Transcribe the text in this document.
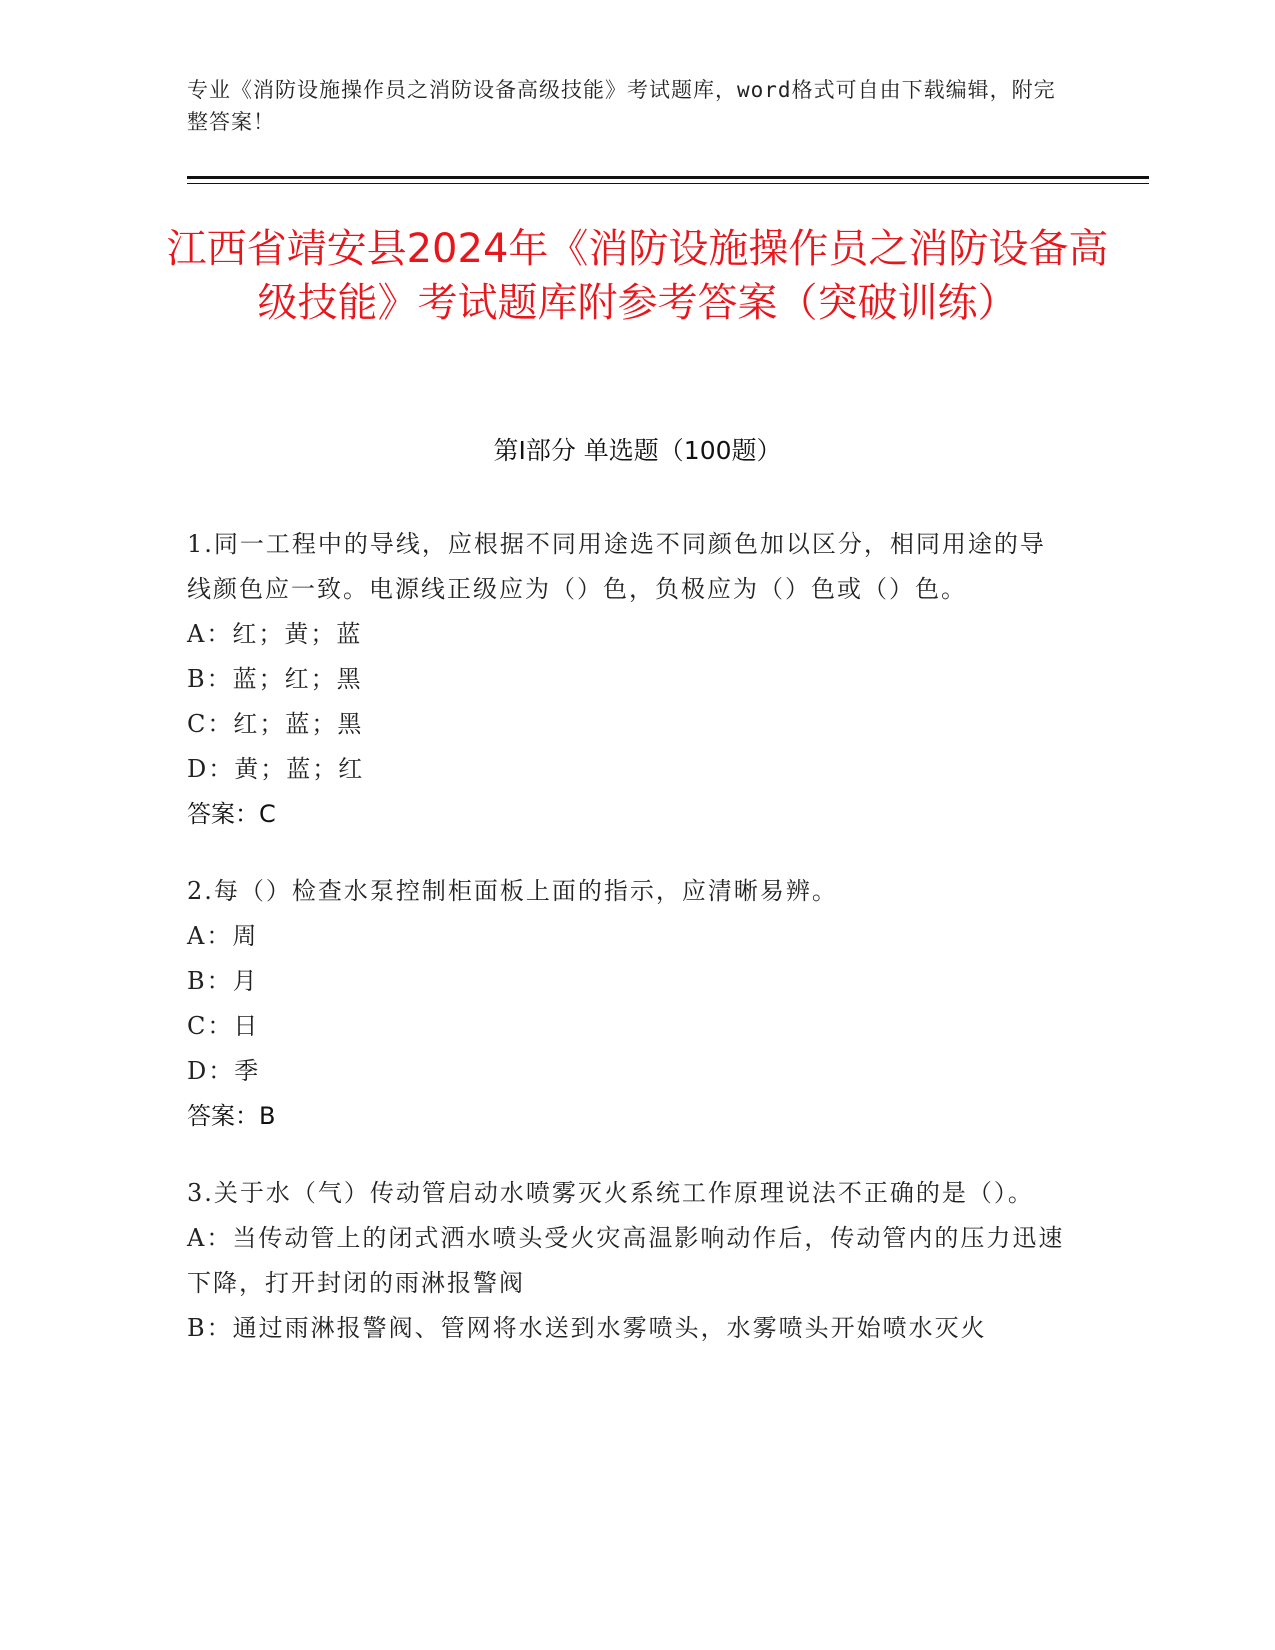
专业《消防设施操作员之消防设备高级技能》考试题库，word格式可自由下载编辑，附完整答案！
江西省靖安县2024年《消防设施操作员之消防设备高级技能》考试题库附参考答案（突破训练）
第I部分 单选题（100题）
1.同一工程中的导线，应根据不同用途选不同颜色加以区分，相同用途的导线颜色应一致。电源线正级应为（）色，负极应为（）色或（）色。
A：红；黄；蓝
B：蓝；红；黑
C：红；蓝；黑
D：黄；蓝；红
答案：C
2.每（）检查水泵控制柜面板上面的指示，应清晰易辨。
A：周
B：月
C：日
D：季
答案：B
3.关于水（气）传动管启动水喷雾灭火系统工作原理说法不正确的是（）。
A：当传动管上的闭式洒水喷头受火灾高温影响动作后，传动管内的压力迅速下降，打开封闭的雨淋报警阀
B：通过雨淋报警阀、管网将水送到水雾喷头，水雾喷头开始喷水灭火
